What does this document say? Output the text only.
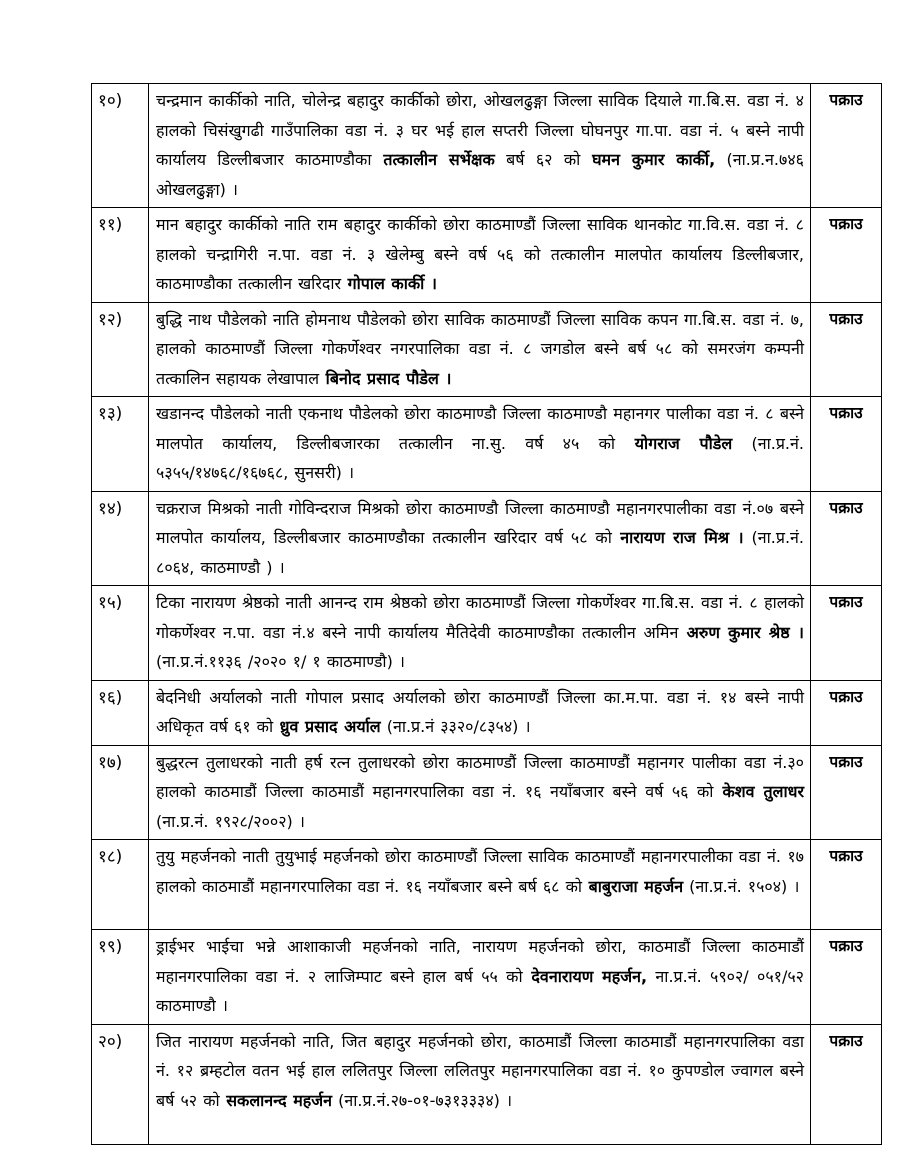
१०)	चन्द्रमान कार्कीको नाति, चोलेन्द्र बहादुर कार्कीको छोरा, ओखलढुङ्गा जिल्ला साविक दियाले गा.बि.स. वडा नं. ४ हालको चिसंखुगढी गाउँपालिका वडा नं. ३ घर भई हाल सप्तरी जिल्ला घोघनपुर गा.पा. वडा नं. ५ बस्ने नापी कार्यालय डिल्लीबजार काठमाण्डौका तत्कालीन सर्भेक्षक बर्ष ६२ को घमन कुमार कार्की, (ना.प्र.न.७४६ ओखलढुङ्गा) ।	पक्राउ
११)	मान बहादुर कार्कीको नाति राम बहादुर कार्कीको छोरा काठमाण्डौं जिल्ला साविक थानकोट गा.वि.स. वडा नं. ८ हालको चन्द्रागिरी न.पा. वडा नं. ३ खेलेम्बु बस्ने वर्ष ५६ को तत्कालीन मालपोत कार्यालय डिल्लीबजार, काठमाण्डौका तत्कालीन खरिदार गोपाल कार्की ।	पक्राउ
१२)	बुद्धि नाथ पौडेलको नाति होमनाथ पौडेलको छोरा साविक काठमाण्डौं जिल्ला साविक कपन गा.बि.स. वडा नं. ७, हालको काठमाण्डौं जिल्ला गोकर्णेश्वर नगरपालिका वडा नं. ८ जगडोल बस्ने बर्ष ५८ को समरजंग कम्पनी तत्कालिन सहायक लेखापाल बिनोद प्रसाद पौडेल ।	पक्राउ
१३)	खडानन्द पौडेलको नाती एकनाथ पौडेलको छोरा काठमाण्डौ जिल्ला काठमाण्डौ महानगर पालीका वडा नं. ८ बस्ने मालपोत कार्यालय, डिल्लीबजारका तत्कालीन ना.सु. वर्ष ४५ को योगराज पौडेल (ना.प्र.नं. ५३५५/१४७६८/१६७६८, सुनसरी) ।	पक्राउ
१४)	चक्रराज मिश्रको नाती गोविन्दराज मिश्रको छोरा काठमाण्डौ जिल्ला काठमाण्डौ महानगरपालीका वडा नं.०७ बस्ने मालपोत कार्यालय, डिल्लीबजार काठमाण्डौका तत्कालीन खरिदार वर्ष ५८ को नारायण राज मिश्र । (ना.प्र.नं. ८०६४, काठमाण्डौ ) ।	पक्राउ
१५)	टिका नारायण श्रेष्ठको नाती आनन्द राम श्रेष्ठको छोरा काठमाण्डौं जिल्ला गोकर्णेश्वर गा.बि.स. वडा नं. ८ हालको गोकर्णेश्वर न.पा. वडा नं.४ बस्ने नापी कार्यालय मैतिदेवी काठमाण्डौका तत्कालीन अमिन अरुण कुमार श्रेष्ठ । (ना.प्र.नं.११३६ /२०२० १/ १ काठमाण्डौ) ।	पक्राउ
१६)	बेदनिधी अर्यालको नाती गोपाल प्रसाद अर्यालको छोरा काठमाण्डौं जिल्ला का.म.पा. वडा नं. १४ बस्ने नापी अधिकृत वर्ष ६१ को ध्रुव प्रसाद अर्याल (ना.प्र.नं ३३२०/८३५४) ।	पक्राउ
१७)	बुद्धरत्न तुलाधरको नाती हर्ष रत्न तुलाधरको छोरा काठमाण्डौं जिल्ला काठमाण्डौं महानगर पालीका वडा नं.३० हालको काठमाडौं जिल्ला काठमाडौं महानगरपालिका वडा नं. १६ नयाँबजार बस्ने वर्ष ५६ को केशव तुलाधर (ना.प्र.नं. १९२८/२००२) ।	पक्राउ
१८)	तुयु महर्जनको नाती तुयुभाई महर्जनको छोरा काठमाण्डौं जिल्ला साविक काठमाण्डौं महानगरपालीका वडा नं. १७ हालको काठमाडौं महानगरपालिका वडा नं. १६ नयाँबजार बस्ने बर्ष ६८ को बाबुराजा महर्जन (ना.प्र.नं. १५०४) ।	पक्राउ
१९)	ड्राईभर भाईचा भन्ने आशाकाजी महर्जनको नाति, नारायण महर्जनको छोरा, काठमाडौं जिल्ला काठमाडौं महानगरपालिका वडा नं. २ लाजिम्पाट बस्ने हाल बर्ष ५५ को देवनारायण महर्जन, ना.प्र.नं. ५९०२/ ०५१/५२ काठमाण्डौ ।	पक्राउ
२०)	जित नारायण महर्जनको नाति, जित बहादुर महर्जनको छोरा, काठमाडौं जिल्ला काठमाडौं महानगरपालिका वडा नं. १२ ब्रम्हटोल वतन भई हाल ललितपुर जिल्ला ललितपुर महानगरपालिका वडा नं. १० कुपण्डोल ज्वागल बस्ने बर्ष ५२ को सकलानन्द महर्जन (ना.प्र.नं.२७-०१-७३१३३३४) ।	पक्राउ
